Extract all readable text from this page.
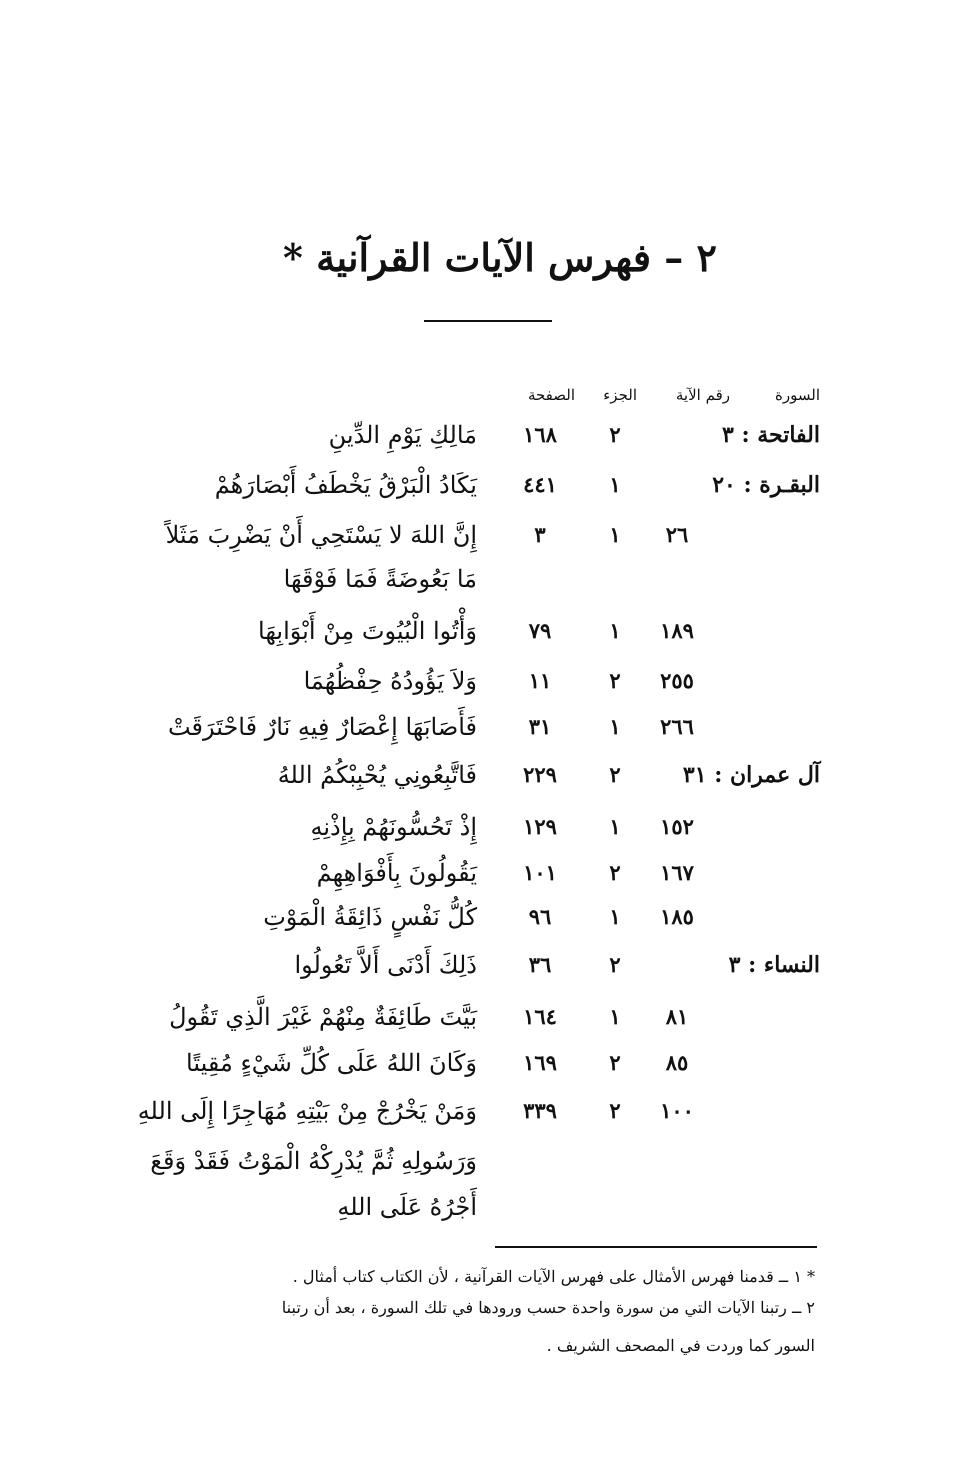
٢ – فهرس الآيات القرآنية *
السورة
رقم الآية
الجزء
الصفحة
الفاتحة : ٣
٢
١٦٨
مَالِكِ يَوْمِ الدِّينِ
البقـرة : ٢٠
١
٤٤١
يَكَادُ الْبَرْقُ يَخْطَفُ أَبْصَارَهُمْ
٢٦
١
٣
إِنَّ اللهَ لا يَسْتَحِي أَنْ يَضْرِبَ مَثَلاً
مَا بَعُوضَةً فَمَا فَوْقَهَا
١٨٩
١
٧٩
وَأْتُوا الْبُيُوتَ مِنْ أَبْوَابِهَا
٢٥٥
٢
١١
وَلاَ يَؤُودُهُ حِفْظُهُمَا
٢٦٦
١
٣١
فَأَصَابَهَا إِعْصَارٌ فِيهِ نَارٌ فَاحْتَرَقَتْ
آل عمران : ٣١
٢
٢٢٩
فَاتَّبِعُونِي يُحْبِبْكُمُ اللهُ
١٥٢
١
١٢٩
إِذْ تَحُسُّونَهُمْ بِإِذْنِهِ
١٦٧
٢
١٠١
يَقُولُونَ بِأَفْوَاهِهِمْ
١٨٥
١
٩٦
كُلُّ نَفْسٍ ذَائِقَةُ الْمَوْتِ
النساء : ٣
٢
٣٦
ذَلِكَ أَدْنَى أَلاَّ تَعُولُوا
٨١
١
١٦٤
بَيَّتَ طَائِفَةٌ مِنْهُمْ غَيْرَ الَّذِي تَقُولُ
٨٥
٢
١٦٩
وَكَانَ اللهُ عَلَى كُلِّ شَيْءٍ مُقِيتًا
١٠٠
٢
٣٣٩
وَمَنْ يَخْرُجْ مِنْ بَيْتِهِ مُهَاجِرًا إِلَى اللهِ
وَرَسُولِهِ ثُمَّ يُدْرِكْهُ الْمَوْتُ فَقَدْ وَقَعَ
أَجْرُهُ عَلَى اللهِ
* ١ ــ قدمنا فهرس الأمثال على فهرس الآيات القرآنية ، لأن الكتاب كتاب أمثال .
٢ ــ رتبنا الآيات التي من سورة واحدة حسب ورودها في تلك السورة ، بعد أن رتبنا
السور كما وردت في المصحف الشريف .
